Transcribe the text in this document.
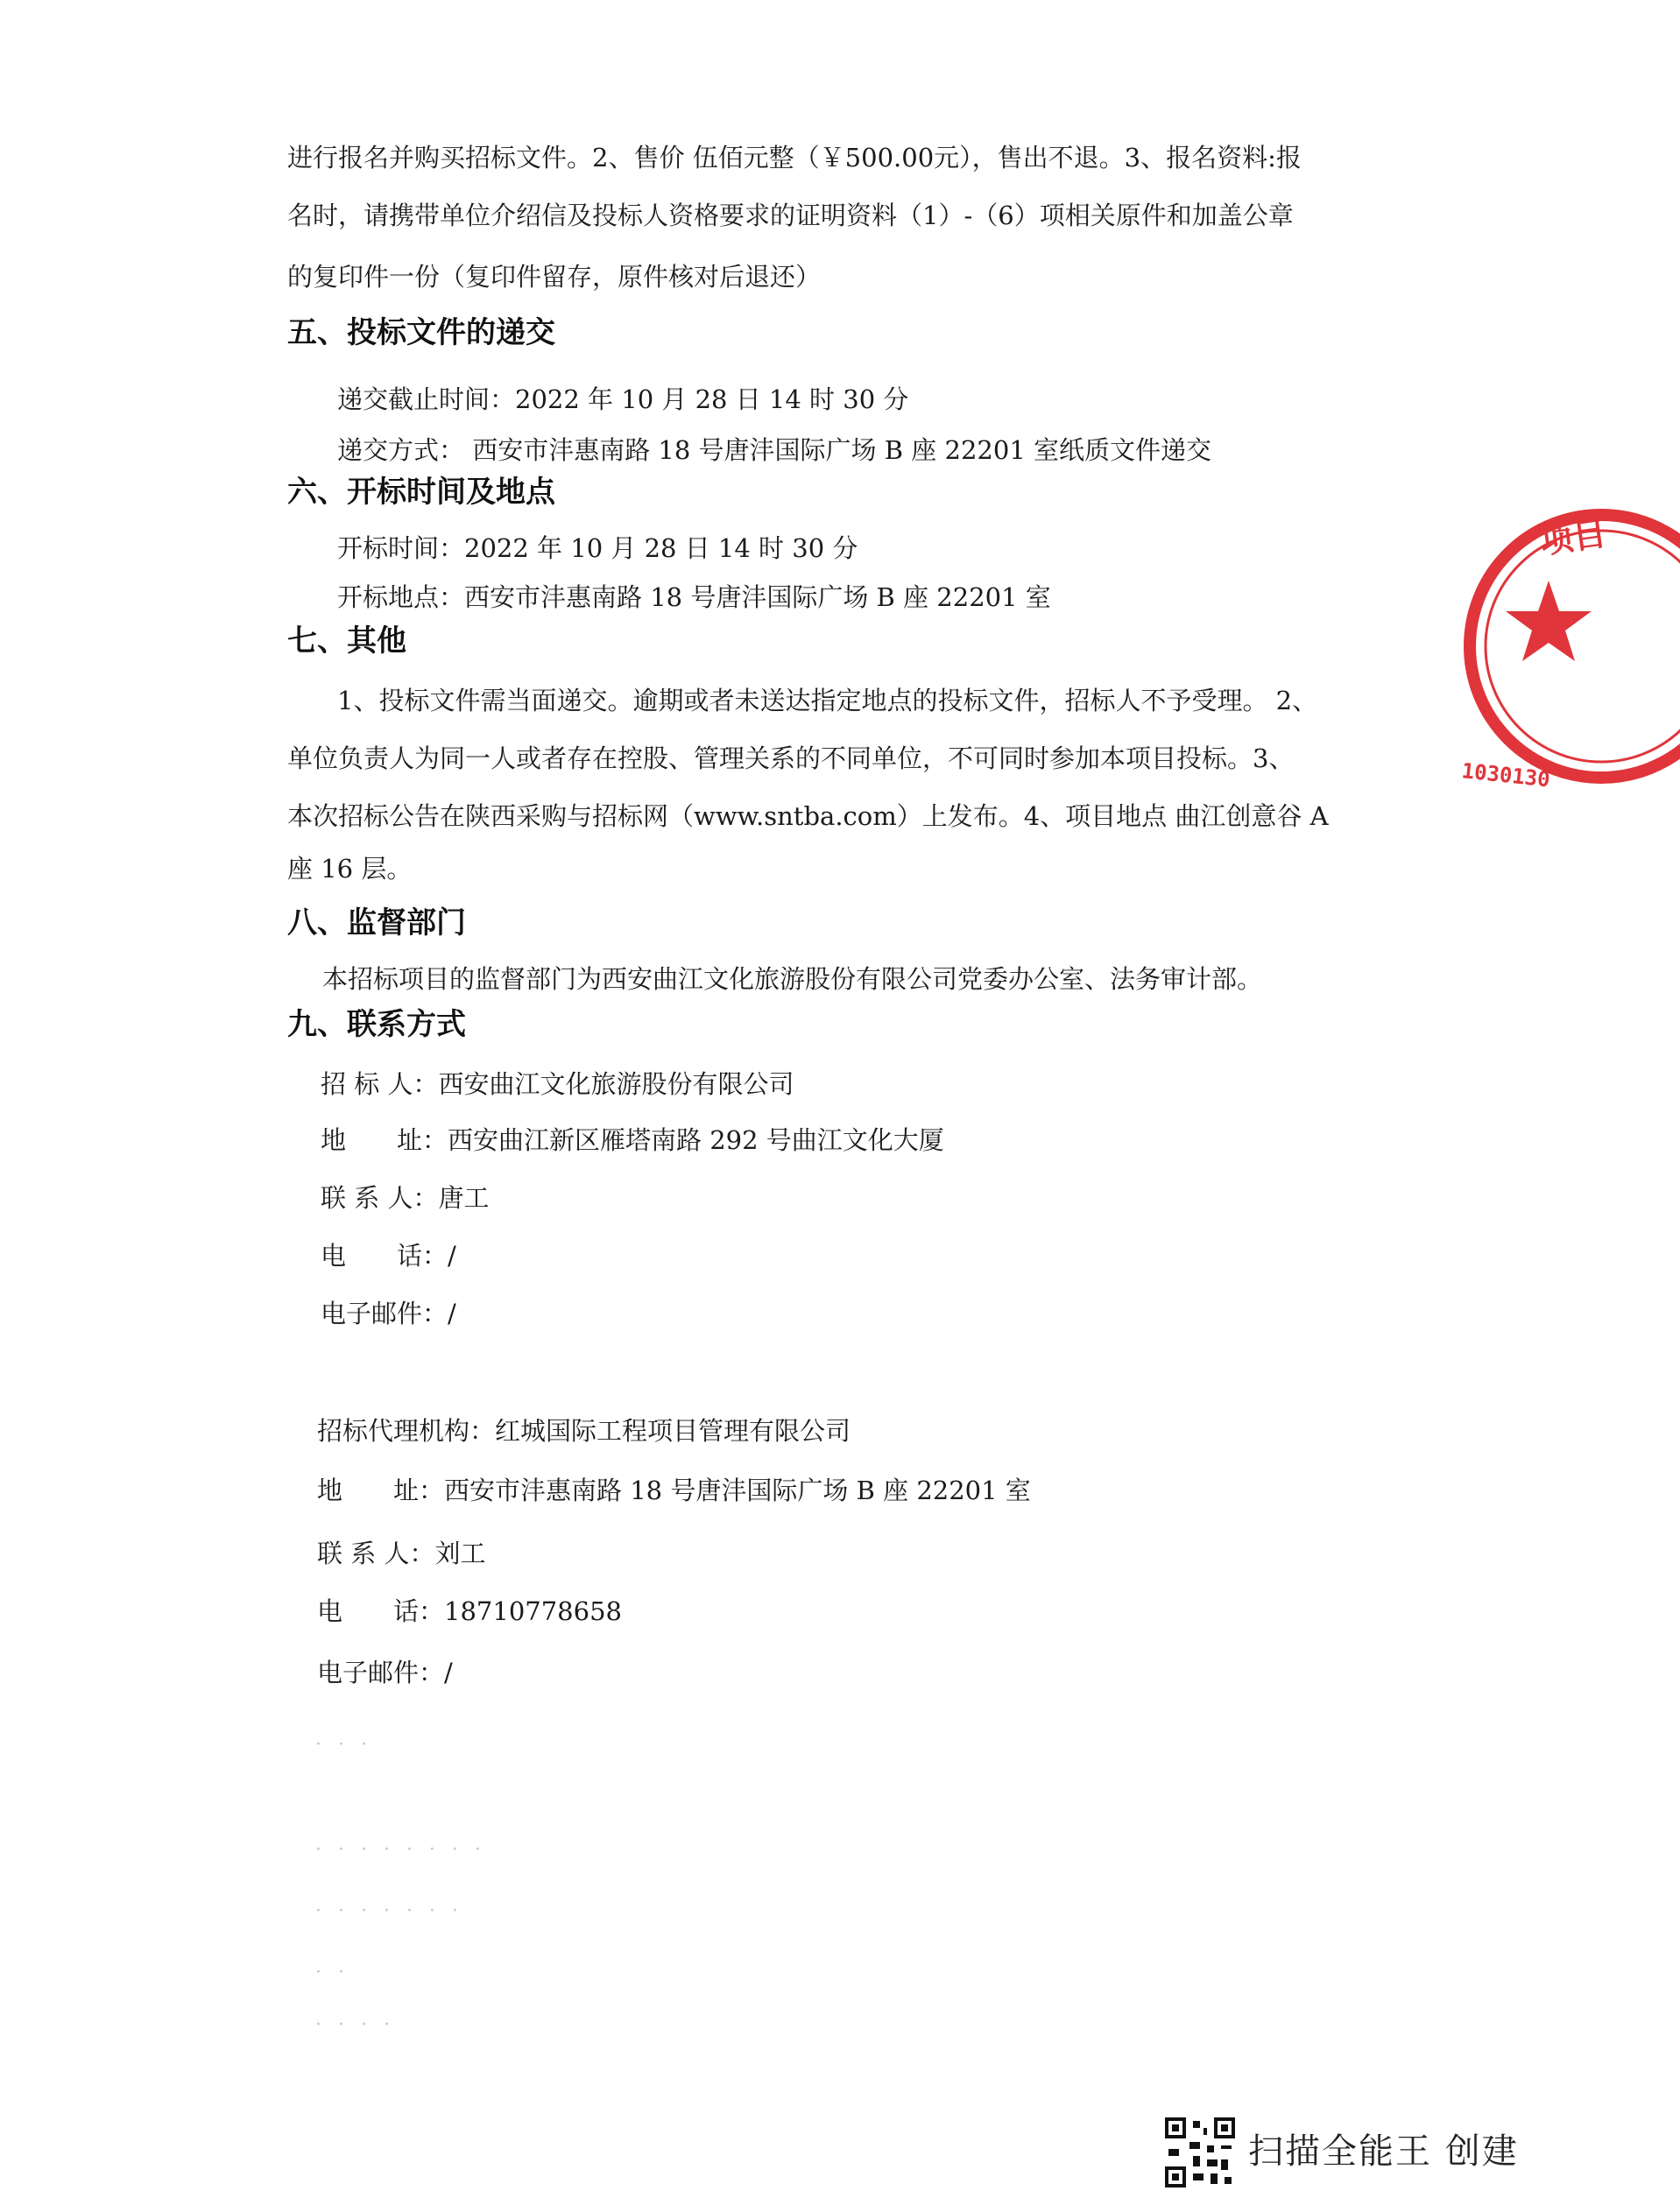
进行报名并购买招标文件。2、售价 伍佰元整（￥500.00元），售出不退。3、报名资料:报
名时，请携带单位介绍信及投标人资格要求的证明资料（1）-（6）项相关原件和加盖公章
的复印件一份（复印件留存，原件核对后退还）
五、投标文件的递交
递交截止时间：2022 年 10 月 28 日 14 时 30 分
递交方式： 西安市沣惠南路 18 号唐沣国际广场 B 座 22201 室纸质文件递交
六、开标时间及地点
开标时间：2022 年 10 月 28 日 14 时 30 分
开标地点：西安市沣惠南路 18 号唐沣国际广场 B 座 22201 室
七、其他
1、投标文件需当面递交。逾期或者未送达指定地点的投标文件，招标人不予受理。 2、
单位负责人为同一人或者存在控股、管理关系的不同单位，不可同时参加本项目投标。3、
本次招标公告在陕西采购与招标网（www.sntba.com）上发布。4、项目地点 曲江创意谷 A
座 16 层。
八、监督部门
本招标项目的监督部门为西安曲江文化旅游股份有限公司党委办公室、法务审计部。
九、联系方式
招 标 人：西安曲江文化旅游股份有限公司
地　　址：西安曲江新区雁塔南路 292 号曲江文化大厦
联 系 人：唐工
电　　话：/
电子邮件：/
招标代理机构：红城国际工程项目管理有限公司
地　　址：西安市沣惠南路 18 号唐沣国际广场 B 座 22201 室
联 系 人：刘工
电　　话：18710778658
电子邮件：/
· · ·
· · · · · · · ·
· · · · · · ·
· ·
· · · ·
项目
1030130
扫描全能王 创建
